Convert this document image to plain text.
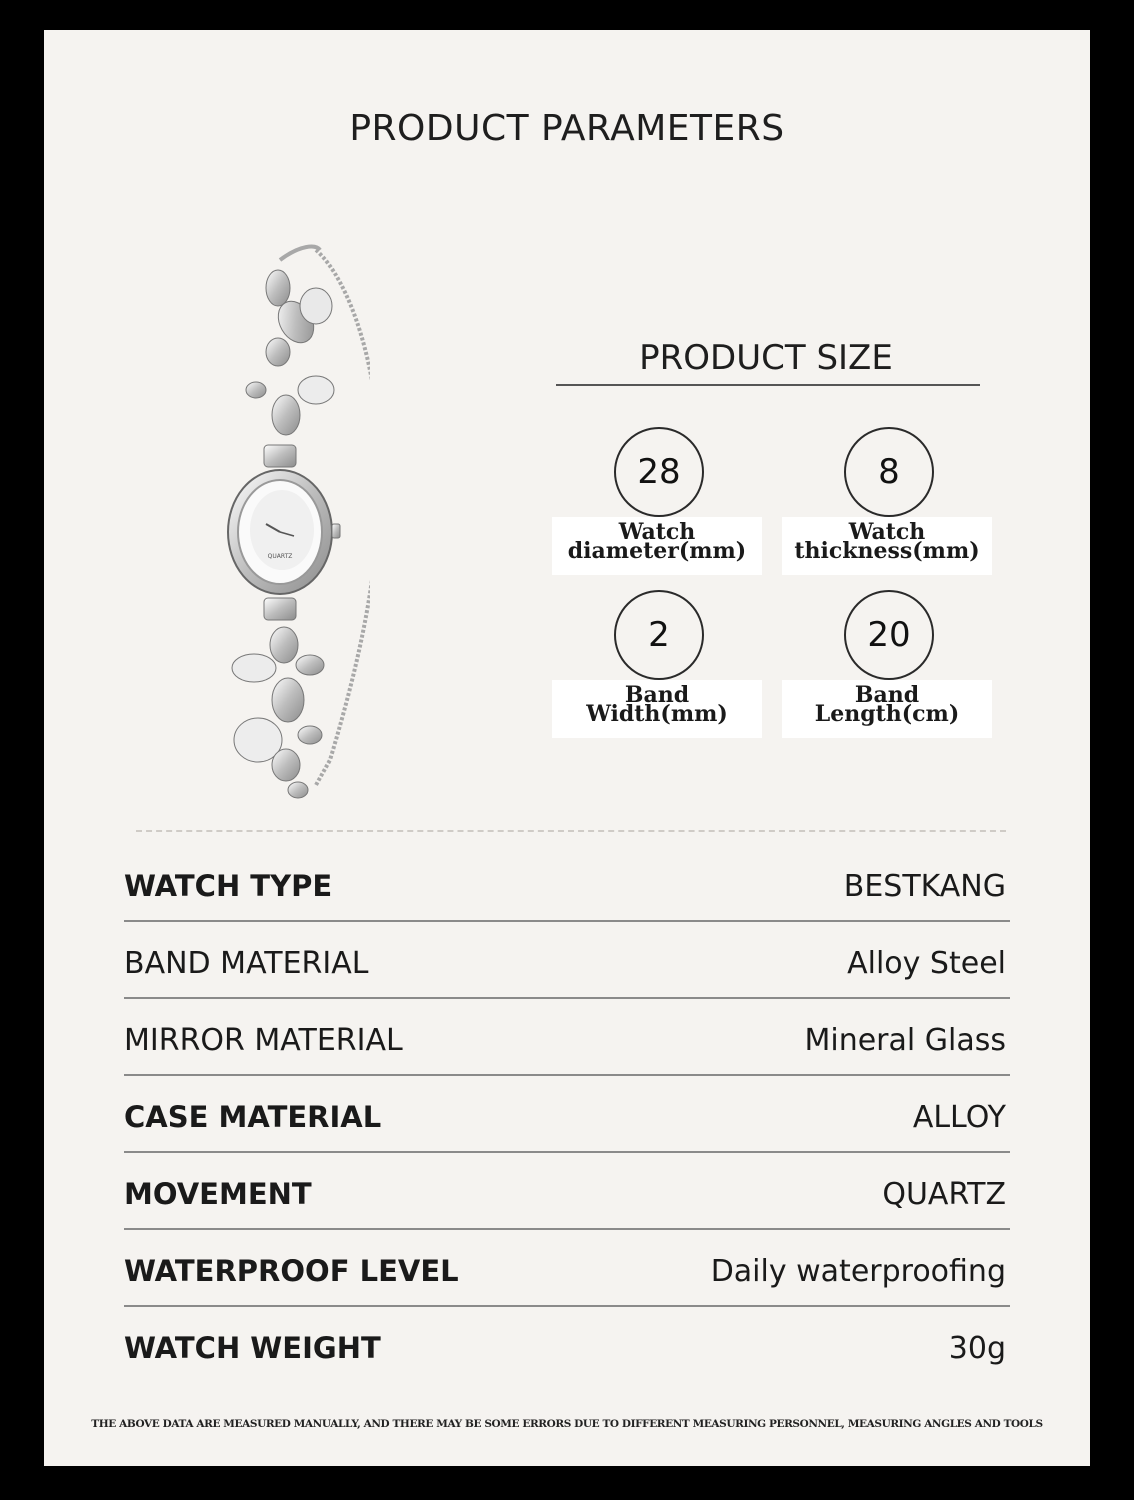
PRODUCT PARAMETERS
QUARTZ
PRODUCT SIZE
28
Watch
diameter(mm)
8
Watch
thickness(mm)
2
Band
Width(mm)
20
Band
Length(cm)
WATCH TYPE	BESTKANG
BAND MATERIAL	Alloy Steel
MIRROR MATERIAL	Mineral Glass
CASE MATERIAL	ALLOY
MOVEMENT	QUARTZ
WATERPROOF LEVEL	Daily waterproofing
WATCH WEIGHT	30g
THE ABOVE DATA ARE MEASURED MANUALLY, AND THERE MAY BE SOME ERRORS DUE TO DIFFERENT MEASURING PERSONNEL, MEASURING ANGLES AND TOOLS
